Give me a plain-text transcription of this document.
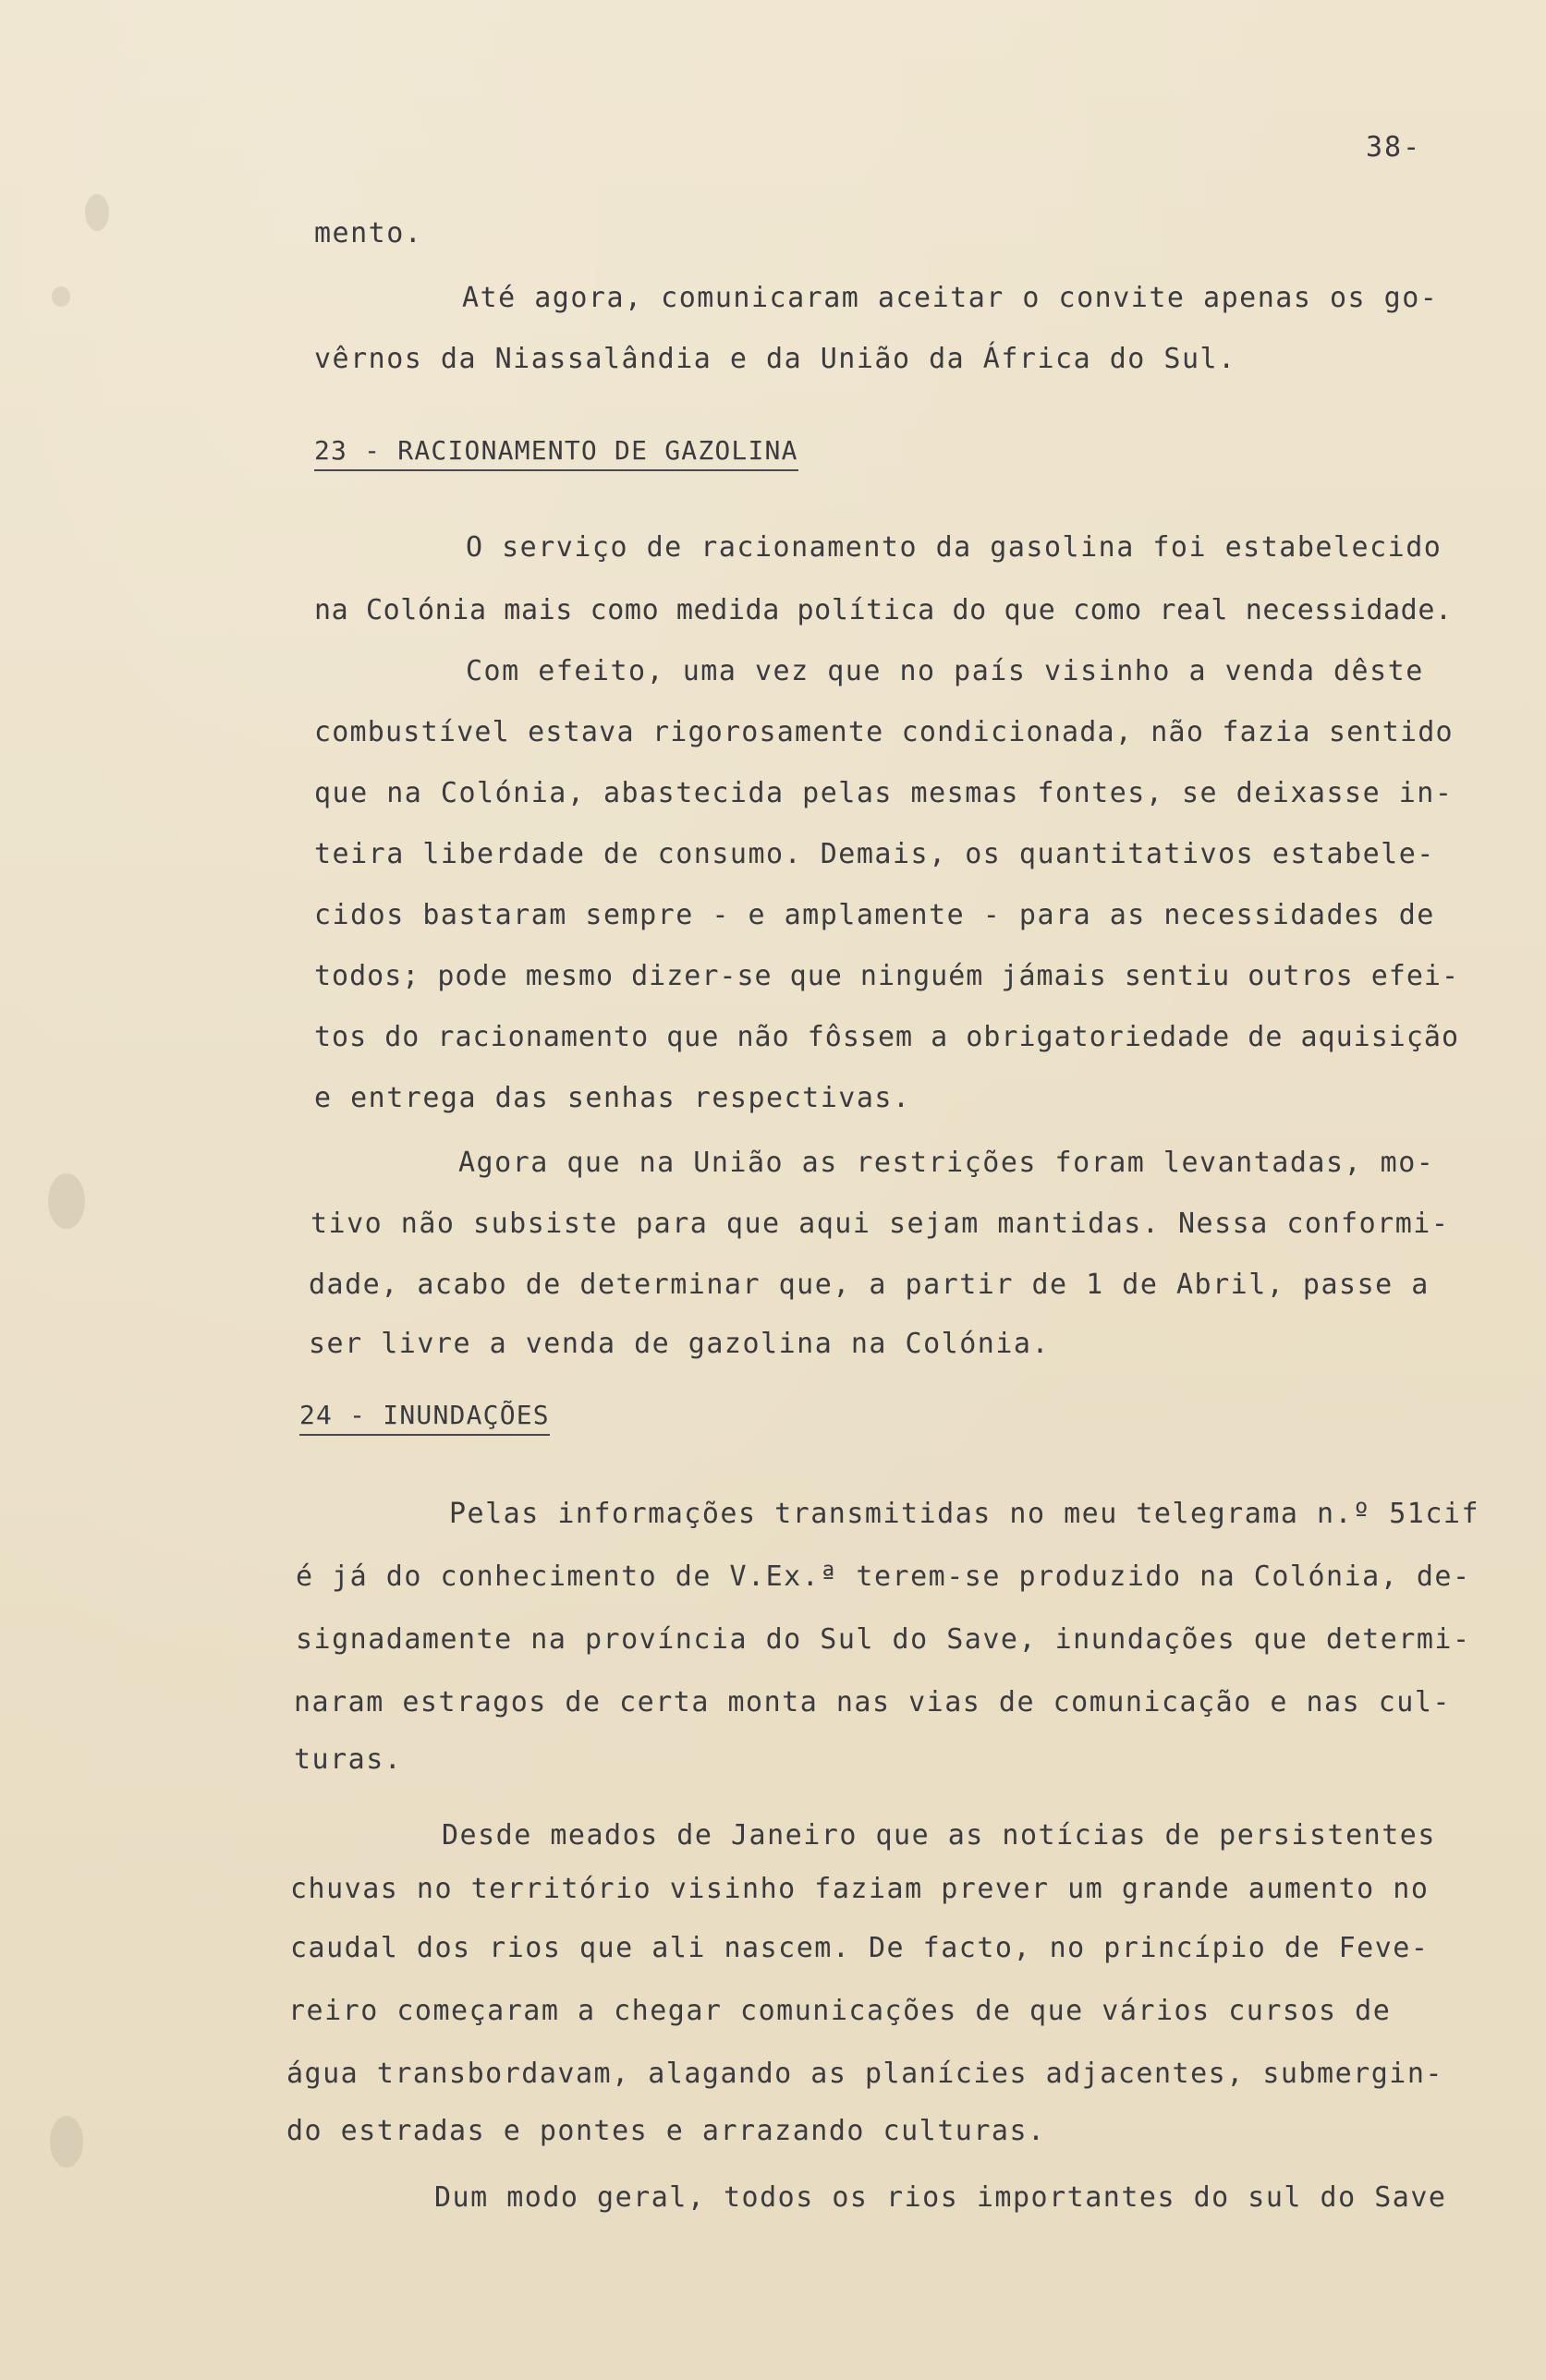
38-
mento.
Até agora, comunicaram aceitar o convite apenas os go-
vêrnos da Niassalândia e da União da África do Sul.
23 - RACIONAMENTO DE GAZOLINA
O serviço de racionamento da gasolina foi estabelecido
na Colónia mais como medida política do que como real necessidade.
Com efeito, uma vez que no país visinho a venda dêste
combustível estava rigorosamente condicionada, não fazia sentido
que na Colónia, abastecida pelas mesmas fontes, se deixasse in-
teira liberdade de consumo. Demais, os quantitativos estabele-
cidos bastaram sempre - e amplamente - para as necessidades de
todos; pode mesmo dizer-se que ninguém jámais sentiu outros efei-
tos do racionamento que não fôssem a obrigatoriedade de aquisição
e entrega das senhas respectivas.
Agora que na União as restrições foram levantadas, mo-
tivo não subsiste para que aqui sejam mantidas. Nessa conformi-
dade, acabo de determinar que, a partir de 1 de Abril, passe a
ser livre a venda de gazolina na Colónia.
24 - INUNDAÇÕES
Pelas informações transmitidas no meu telegrama n.º 51cif
é já do conhecimento de V.Ex.ª terem-se produzido na Colónia, de-
signadamente na província do Sul do Save, inundações que determi-
naram estragos de certa monta nas vias de comunicação e nas cul-
turas.
Desde meados de Janeiro que as notícias de persistentes
chuvas no território visinho faziam prever um grande aumento no
caudal dos rios que ali nascem. De facto, no princípio de Feve-
reiro começaram a chegar comunicações de que vários cursos de
água transbordavam, alagando as planícies adjacentes, submergin-
do estradas e pontes e arrazando culturas.
Dum modo geral, todos os rios importantes do sul do Save
